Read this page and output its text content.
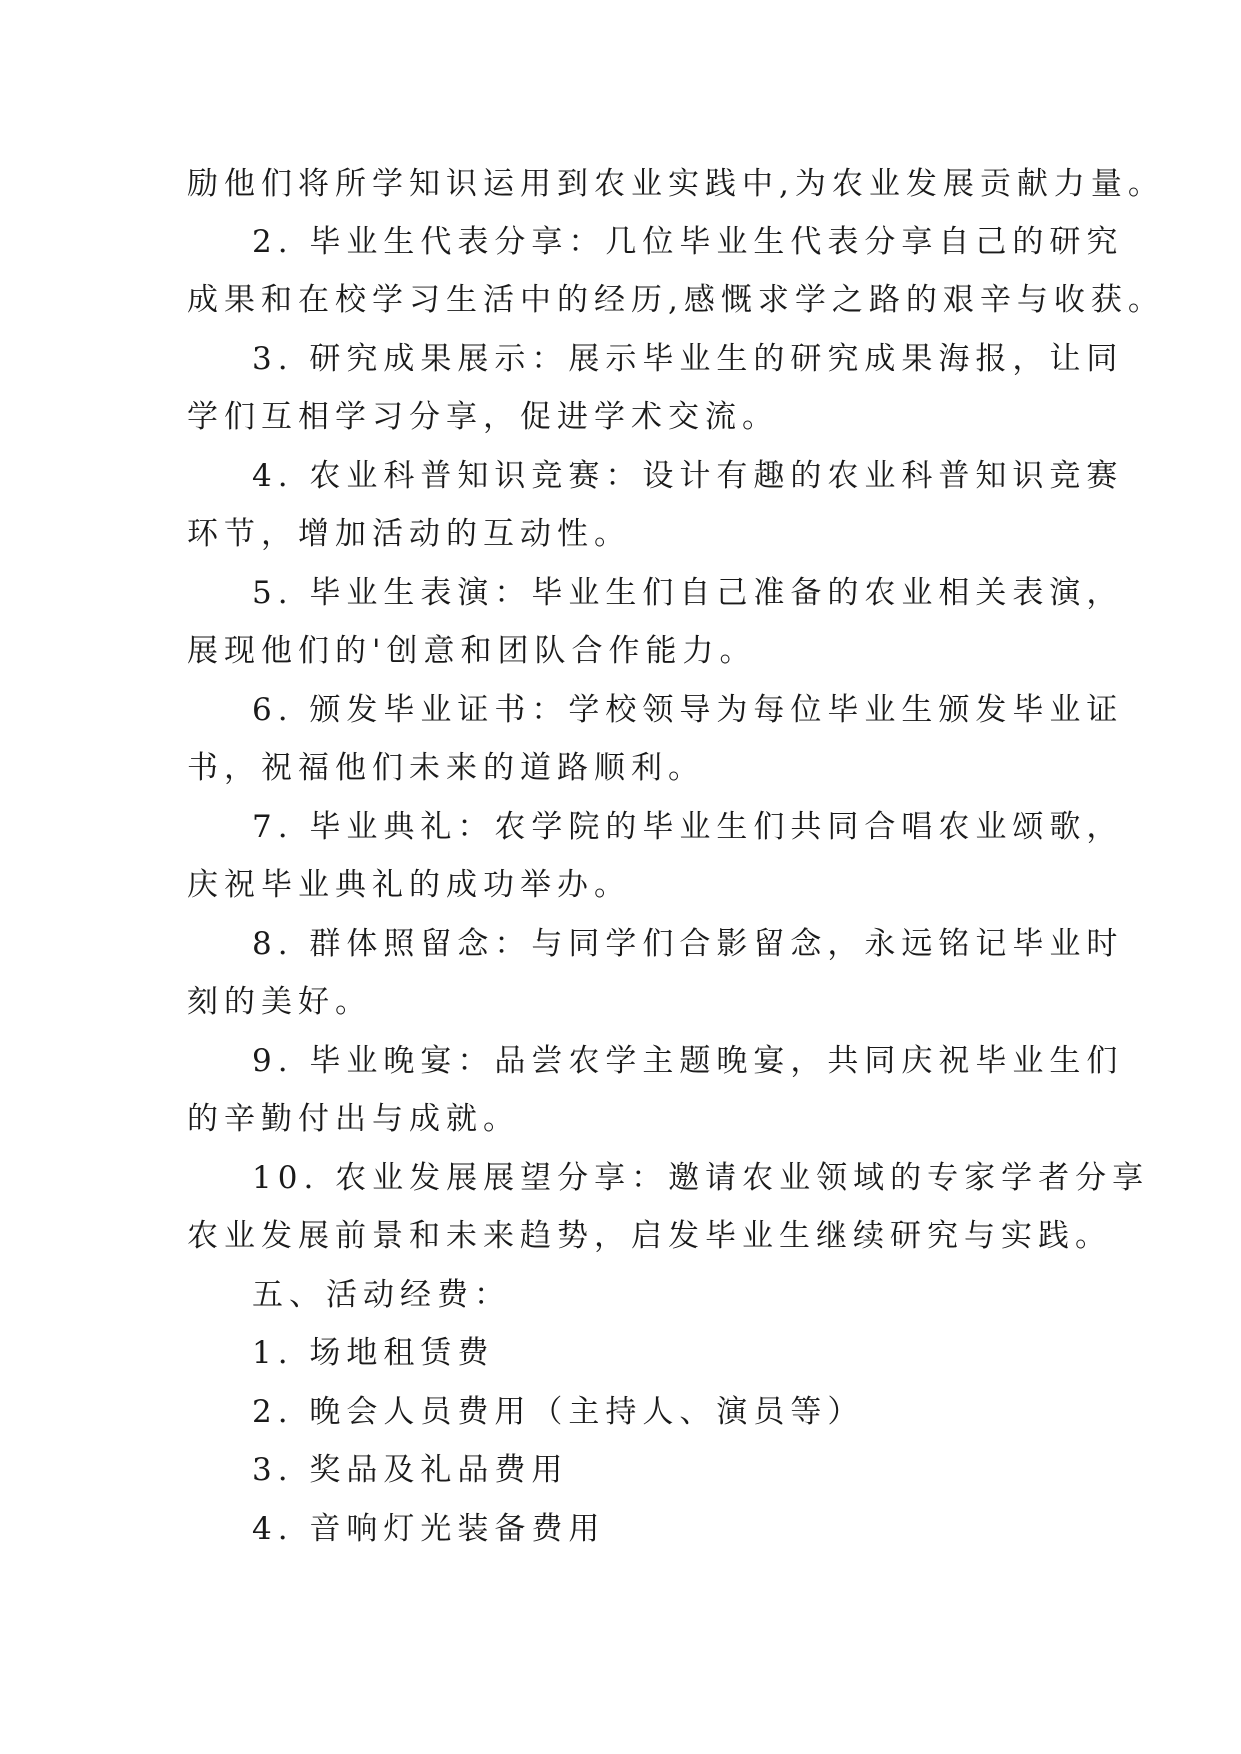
励他们将所学知识运用到农业实践中,为农业发展贡献力量。
2. 毕业生代表分享：几位毕业生代表分享自己的研究
成果和在校学习生活中的经历,感慨求学之路的艰辛与收获。
3. 研究成果展示：展示毕业生的研究成果海报，让同
学们互相学习分享，促进学术交流。
4. 农业科普知识竞赛：设计有趣的农业科普知识竞赛
环节，增加活动的互动性。
5. 毕业生表演：毕业生们自己准备的农业相关表演，
展现他们的'创意和团队合作能力。
6. 颁发毕业证书：学校领导为每位毕业生颁发毕业证
书，祝福他们未来的道路顺利。
7. 毕业典礼：农学院的毕业生们共同合唱农业颂歌，
庆祝毕业典礼的成功举办。
8. 群体照留念：与同学们合影留念，永远铭记毕业时
刻的美好。
9. 毕业晚宴：品尝农学主题晚宴，共同庆祝毕业生们
的辛勤付出与成就。
10. 农业发展展望分享：邀请农业领域的专家学者分享
农业发展前景和未来趋势，启发毕业生继续研究与实践。
五、活动经费：
1. 场地租赁费
2. 晚会人员费用（主持人、演员等）
3. 奖品及礼品费用
4. 音响灯光装备费用
